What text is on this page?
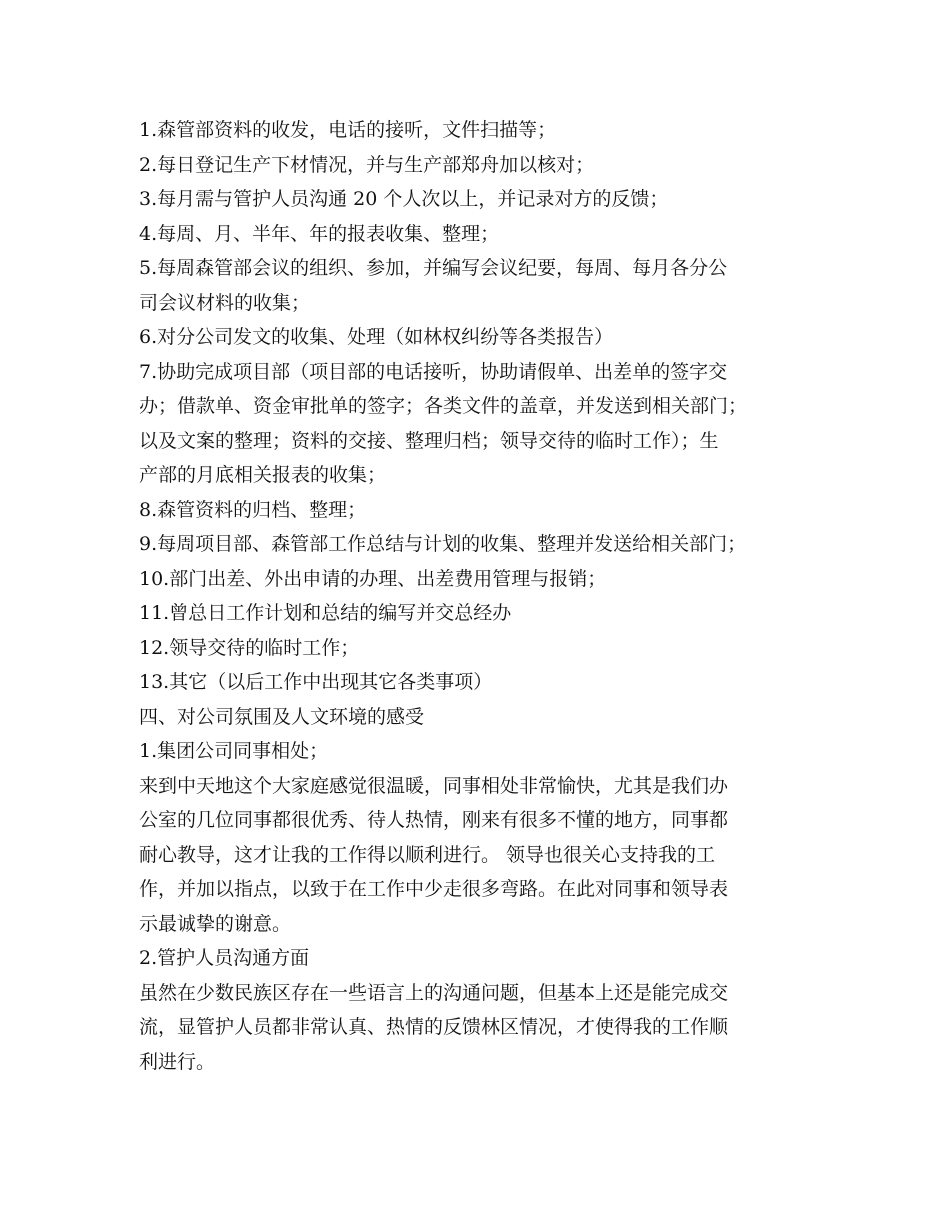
1.森管部资料的收发，电话的接听，文件扫描等；
2.每日登记生产下材情况，并与生产部郑舟加以核对；
3.每月需与管护人员沟通 20 个人次以上，并记录对方的反馈；
4.每周、月、半年、年的报表收集、整理；
5.每周森管部会议的组织、参加，并编写会议纪要，每周、每月各分公
司会议材料的收集；
6.对分公司发文的收集、处理（如林权纠纷等各类报告）
7.协助完成项目部（项目部的电话接听，协助请假单、出差单的签字交
办；借款单、资金审批单的签字；各类文件的盖章，并发送到相关部门；
以及文案的整理；资料的交接、整理归档；领导交待的临时工作）；生
产部的月底相关报表的收集；
8.森管资料的归档、整理；
9.每周项目部、森管部工作总结与计划的收集、整理并发送给相关部门；
10.部门出差、外出申请的办理、出差费用管理与报销；
11.曾总日工作计划和总结的编写并交总经办
12.领导交待的临时工作；
13.其它（以后工作中出现其它各类事项）
四、对公司氛围及人文环境的感受
1.集团公司同事相处；
来到中天地这个大家庭感觉很温暖，同事相处非常愉快，尤其是我们办
公室的几位同事都很优秀、待人热情，刚来有很多不懂的地方，同事都
耐心教导，这才让我的工作得以顺利进行。 领导也很关心支持我的工
作，并加以指点，以致于在工作中少走很多弯路。在此对同事和领导表
示最诚挚的谢意。
2.管护人员沟通方面
虽然在少数民族区存在一些语言上的沟通问题，但基本上还是能完成交
流，显管护人员都非常认真、热情的反馈林区情况，才使得我的工作顺
利进行。
